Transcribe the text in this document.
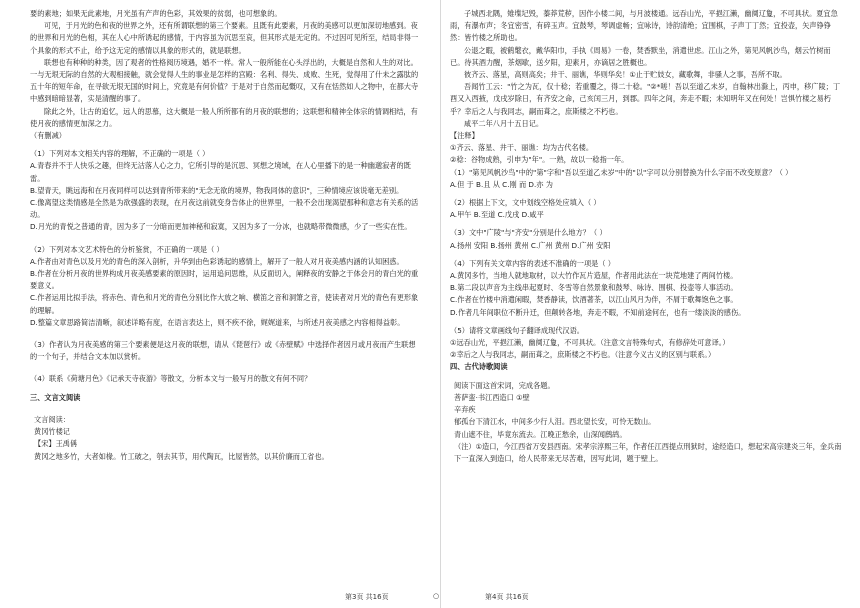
要的素地；如果无此素地，月光虽有产声的色彩，其效果的贫弱，也可想象的。

可见，于月光的色和夜的世界之外，还有所谓联想的第三个要素。且既有此要素，月夜的美感可以更加深切地感到。夜的世界和月光的色相，其在人心中所诱起的感情，于内容虽为沉思至哀，但其形式是无定的。不过因可见所至，结局非得一个具象的形式不止，给予这无定的感情以具象的形式的，就是联想。

联想也有种种的种类，因了观者的性格阅历境遇，婚不一样。常人一般所能在心头浮出的，大概是自然和人生的对比。一与无垠无际的自然的大观相接触，就会觉得人生的事业是怎样的宫殿：名利、得失、成败、生死，觉得用了什未之露肽的五十年的短年命，在寻欲无垠无国的时间上，究竟是有何价值？于是对于自然而起慨叹，又有在恬然如人之物中，在都大寺中感到暗暗显著，实是清醒的事了。

除此之外，让古的追忆，远人的思慕，这大概是一般人所所都有的月夜的联想的；这联想和精神全体宗的情调相结，有使月夜的感情更加深之力。

（有删减）

（1）下列对本文相关内容的理解，不正确的一项是（ ）

A.青春并不于人快乐之趣，但终无沽落人心之力，它所引导的是沉思、冥想之境域，在人心里播下的是一种幽邈寂者的既雷。

B.望青天，眺远海和在月夜同样可以达到青所带来的"无念无欲的境界，物我同体的意识"，三种情境应该说毫无差别。

C.像离望这类情感是全然是为欲强盛的表现，在月夜这前就变身告体止的世界里，一般不会出现渴望那种和意志有关系的活动。

D.月光的青悦之普通的青，因为多了一分暗而更加神秘和寂寞，又因为多了一分冰，也就略带微微感，少了一些实在性。

（2）下列对本文艺术特色的分析鉴赏，不正确的一项是（ ）

A.作者由对青色以及月光的青色的深入剖析，升华到由色彩诱起的感情上，解开了一般人对月夜美感内涵的认知困惑。

B.作者在分析月夜的世界构成月夜美感要素的原因时，运用追问思维，从反面切入，阐释夜的安静之于体会月的青白光的重要意义。

C.作者运用比拟手法，将赤色、青色和月光的青色分别比作大放之响、横笛之音和洞箫之音，使读者对月光的青色有更形象的理解。

D.整篇文章思路简洁清晰，叙述详略有度，在语言表达上，则不疾不徐，娓娓道来，与所述月夜美感之内容相得益彰。

（3）作者认为月夜美感的第三个要素便是这月夜的联想，请从《琵琶行》或《赤壁赋》中选择作者因月或月夜而产生联想的一个句子，并结合文本加以赏析。

（4）联系《荷塘月色》《记承天寺夜游》等散文，分析本文与一般写月的散文有何不同？

三、文言文阅读

文言阅读：

黄冈竹楼记

【宋】王禹偁

黄冈之地多竹，大者如椽。竹工破之，刳去其节，用代陶瓦，比屋皆然，以其价廉而工省也。

子城西北隅，雉堞圮毁，蓁莽荒秽，因作小楼二间，与月波楼通。远吞山光，平挹江濑，幽阒辽夐，不可具状。夏宜急雨，有瀑布声；冬宜密雪，有碎玉声。宜鼓琴，琴调虚畅；宜咏诗，诗韵清绝；宜围棋，子声丁丁然；宜投壶，矢声铮铮然：皆竹楼之所助也。

公退之暇，被鹤氅衣，戴华阳巾，手执《周易》一卷，焚香默坐，消遣世虑。江山之外，第见风帆沙鸟，烟云竹树而已。待其酒力醒，茶烟歇，送夕阳，迎素月，亦谪居之胜概也。

彼齐云、落星，高则高矣；井干、丽谯，华则华矣！①止于贮妓女，藏歌舞，非骚人之事，吾所不取。

吾闻竹工云："竹之为瓦，仅十稔；若重覆之，得二十稔。"②*嗟！吾以至道乙未岁，自翰林出滁上，丙申，移广陵；丁酉又入西掖，戊戌岁除日，有齐安之命，己亥闰三月，到郡。四年之间，奔走不暇；未知明年又在何处！岂惧竹楼之易朽乎？幸后之人与我同志，嗣而葺之，庶斯楼之不朽也。

咸平二年八月十五日记。

【注释】

①齐云、落星、井干、丽谯：均为古代名楼。

②稔：谷物成熟，引申为"年"。一熟，故以一稔指一年。

（1）"第见风帆沙鸟"中的"第"字和"吾以至道乙未岁"中的"以"字可以分别替换为什么字而不改变原意？（ ）

A.但 于 B.且 从 C.刚 而 D.亦 为

（2）根据上下文，文中划线空格处应填入（ ）

A.甲午 B.至道 C.戊戌 D.咸平

（3）文中"广陵"与"齐安"分别是什么地方？（ ）

A.扬州 安阳 B.扬州 黄州 C.广州 黄州 D.广州 安阳

（4）下列有关文章内容的表述不准确的一项是（ ）

A.黄冈多竹，当地人就地取材，以大竹作瓦片造屋，作者用此法在一块荒地建了两间竹楼。

B.第二段以声音为主线串起夏时、冬雪等自然景象和鼓琴、咏诗、围棋、投壶等人事活动。

C.作者在竹楼中消遣闲暇，焚香静读，饮酒著茶，以江山风月为伴，不屑于歌舞饱色之事。

D.作者几年间职位不断升迁，但颠转各地，奔走不暇，不知前途何在，也有一缕淡淡的感伤。

（5）请将文章画线句子翻译成现代汉语。

①远吞山光，平挹江濑，幽阒辽夐，不可具状。（注意文言特殊句式，有修辞处可意译。）

②幸后之人与我同志，嗣而葺之，庶斯楼之不朽也。（注意今义古义的区别与联系。）

四、古代诗歌阅读

阅读下面这首宋词，完成各题。

菩萨蛮·书江西造口 ①壁

辛弃疾

郁孤台下清江水，中间多少行人泪。西北望长安，可怜无数山。

青山遮不住，毕竟东流去。江晚正愁余，山深闻鹧鸪。

（注）①造口，今江西省万安县西南。宋孝宗淳熙三年，作者任江西提点刑狱时，途经造口，想起宋高宗建炎三年，金兵南下一直深入到造口，给人民带来无尽苦难，因写此词，题于壁上。

第3页 共16页	○	第4页 共16页
